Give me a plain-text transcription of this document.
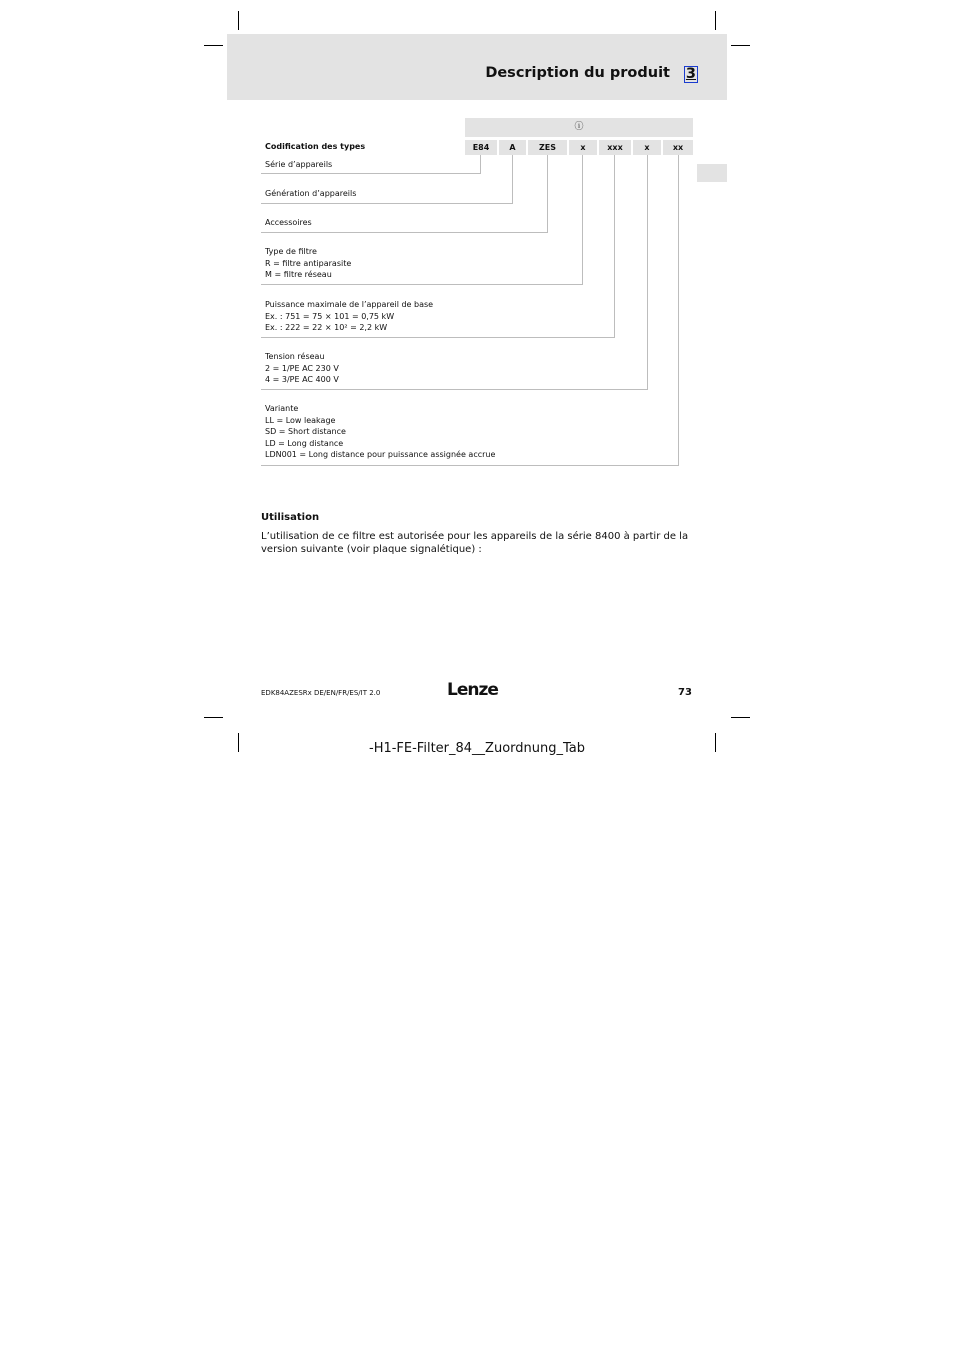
Description du produit 3
ⓘ
E84	A	ZES	x	xxx	x	xx
Codification des types
Série d’appareils
Génération d’appareils
Accessoires
Type de filtre
R = filtre antiparasite
M = filtre réseau
Puissance maximale de l’appareil de base
Ex. : 751 = 75 × 101 = 0,75 kW
Ex. : 222 = 22 × 10² = 2,2 kW
Tension réseau
2 = 1/PE AC 230 V
4 = 3/PE AC 400 V
Variante
LL = Low leakage
SD = Short distance
LD = Long distance
LDN001 = Long distance pour puissance assignée accrue
Utilisation
L’utilisation de ce filtre est autorisée pour les appareils de la série 8400 à partir de la version suivante (voir plaque signalétique) :
EDK84AZESRx DE/EN/FR/ES/IT 2.0	Lenze	73
-H1-FE-Filter_84__Zuordnung_Tab
